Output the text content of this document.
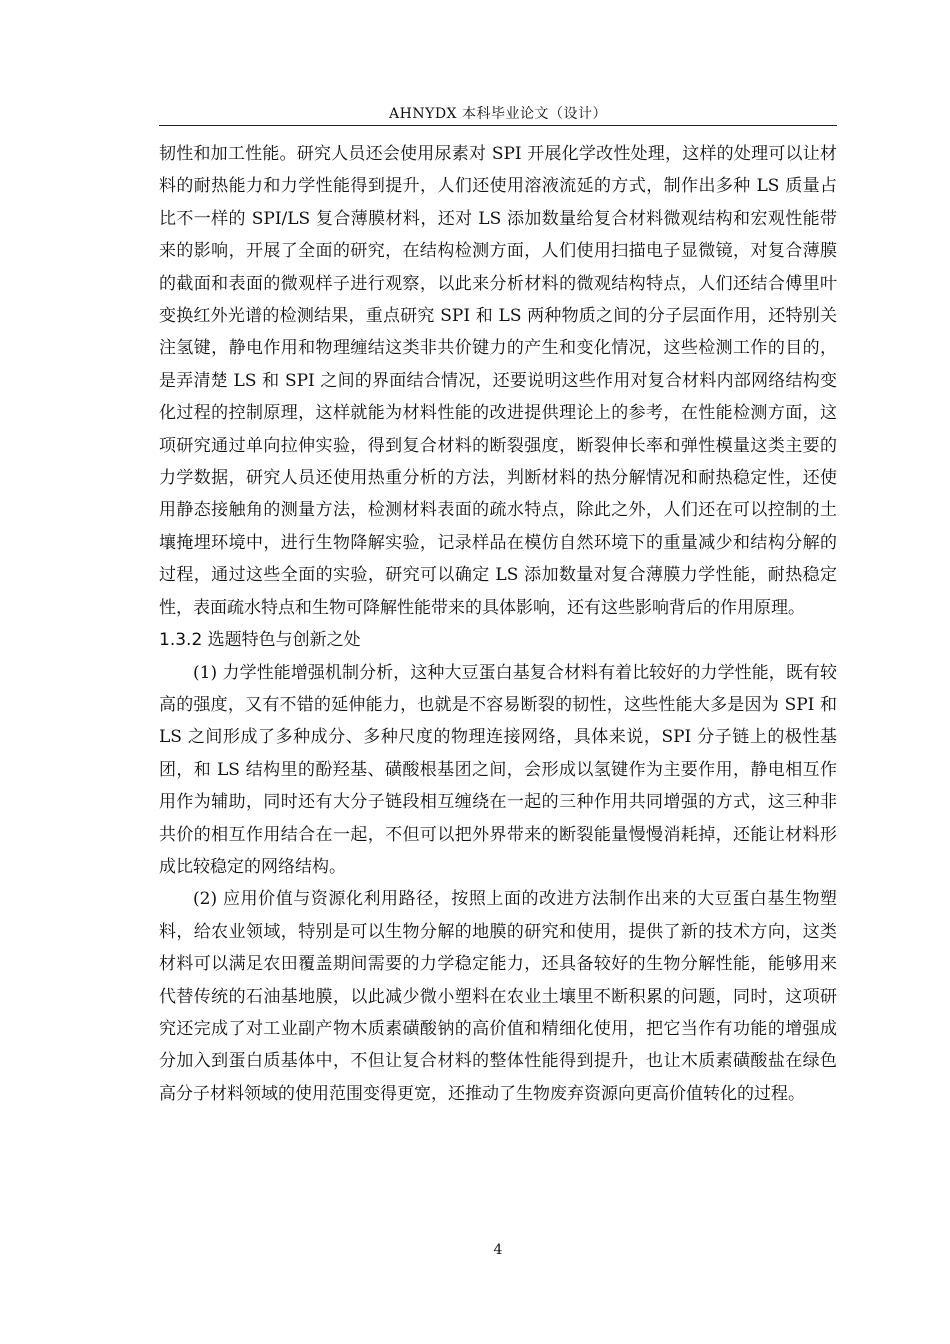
AHNYDX 本科毕业论文（设计）

韧性和加工性能。研究人员还会使用尿素对 SPI 开展化学改性处理，这样的处理可以让材料的耐热能力和力学性能得到提升，人们还使用溶液流延的方式，制作出多种 LS 质量占比不一样的 SPI/LS 复合薄膜材料，还对 LS 添加数量给复合材料微观结构和宏观性能带来的影响，开展了全面的研究，在结构检测方面，人们使用扫描电子显微镜，对复合薄膜的截面和表面的微观样子进行观察，以此来分析材料的微观结构特点，人们还结合傅里叶变换红外光谱的检测结果，重点研究 SPI 和 LS 两种物质之间的分子层面作用，还特别关注氢键，静电作用和物理缠结这类非共价键力的产生和变化情况，这些检测工作的目的，是弄清楚 LS 和 SPI 之间的界面结合情况，还要说明这些作用对复合材料内部网络结构变化过程的控制原理，这样就能为材料性能的改进提供理论上的参考，在性能检测方面，这项研究通过单向拉伸实验，得到复合材料的断裂强度，断裂伸长率和弹性模量这类主要的力学数据，研究人员还使用热重分析的方法，判断材料的热分解情况和耐热稳定性，还使用静态接触角的测量方法，检测材料表面的疏水特点，除此之外，人们还在可以控制的土壤掩埋环境中，进行生物降解实验，记录样品在模仿自然环境下的重量减少和结构分解的过程，通过这些全面的实验，研究可以确定 LS 添加数量对复合薄膜力学性能，耐热稳定性，表面疏水特点和生物可降解性能带来的具体影响，还有这些影响背后的作用原理。

1.3.2 选题特色与创新之处

(1) 力学性能增强机制分析，这种大豆蛋白基复合材料有着比较好的力学性能，既有较高的强度，又有不错的延伸能力，也就是不容易断裂的韧性，这些性能大多是因为 SPI 和 LS 之间形成了多种成分、多种尺度的物理连接网络，具体来说，SPI 分子链上的极性基团，和 LS 结构里的酚羟基、磺酸根基团之间，会形成以氢键作为主要作用，静电相互作用作为辅助，同时还有大分子链段相互缠绕在一起的三种作用共同增强的方式，这三种非共价的相互作用结合在一起，不但可以把外界带来的断裂能量慢慢消耗掉，还能让材料形成比较稳定的网络结构。

(2) 应用价值与资源化利用路径，按照上面的改进方法制作出来的大豆蛋白基生物塑料，给农业领域，特别是可以生物分解的地膜的研究和使用，提供了新的技术方向，这类材料可以满足农田覆盖期间需要的力学稳定能力，还具备较好的生物分解性能，能够用来代替传统的石油基地膜，以此减少微小塑料在农业土壤里不断积累的问题，同时，这项研究还完成了对工业副产物木质素磺酸钠的高价值和精细化使用，把它当作有功能的增强成分加入到蛋白质基体中，不但让复合材料的整体性能得到提升，也让木质素磺酸盐在绿色高分子材料领域的使用范围变得更宽，还推动了生物废弃资源向更高价值转化的过程。

4
